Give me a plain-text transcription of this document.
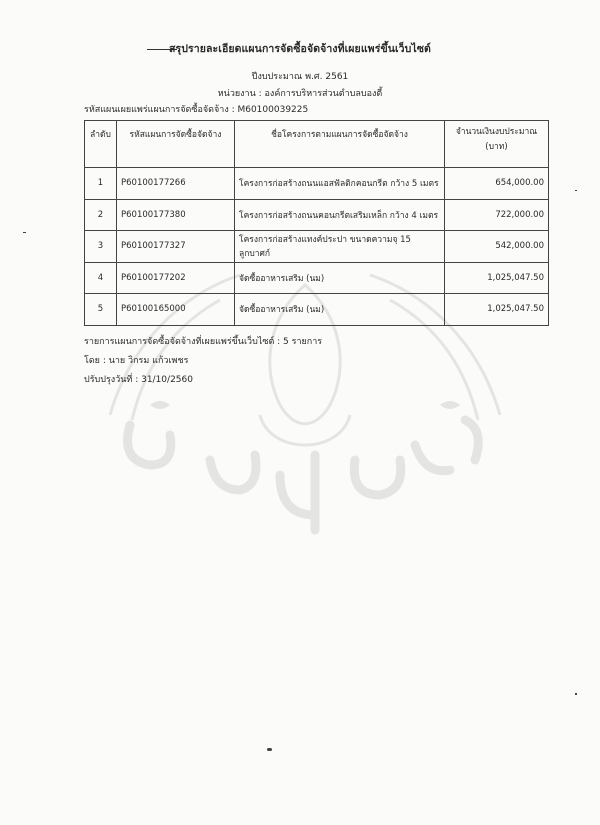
สรุปรายละเอียดแผนการจัดซื้อจัดจ้างที่เผยแพร่ขึ้นเว็บไซต์
ปีงบประมาณ พ.ศ. 2561
หน่วยงาน : องค์การบริหารส่วนตำบลบองตี้
รหัสแผนเผยแพร่แผนการจัดซื้อจัดจ้าง : M60100039225
ลำดับ	รหัสแผนการจัดซื้อจัดจ้าง	ชื่อโครงการตามแผนการจัดซื้อจัดจ้าง	จำนวนเงินงบประมาณ
(บาท)

1	P60100177266	โครงการก่อสร้างถนนแอสฟัลติกคอนกรีต กว้าง 5 เมตร	654,000.00
2	P60100177380	โครงการก่อสร้างถนนคอนกรีตเสริมเหล็ก กว้าง 4 เมตร	722,000.00
3	P60100177327	โครงการก่อสร้างแทงค์ประปา ขนาดความจุ 15 ลูกบาศก์	542,000.00
4	P60100177202	จัดซื้ออาหารเสริม (นม)	1,025,047.50
5	P60100165000	จัดซื้ออาหารเสริม (นม)	1,025,047.50
รายการแผนการจัดซื้อจัดจ้างที่เผยแพร่ขึ้นเว็บไซต์ : 5 รายการ
โดย : นาย วิกรม แก้วเพชร
ปรับปรุงวันที่ : 31/10/2560
